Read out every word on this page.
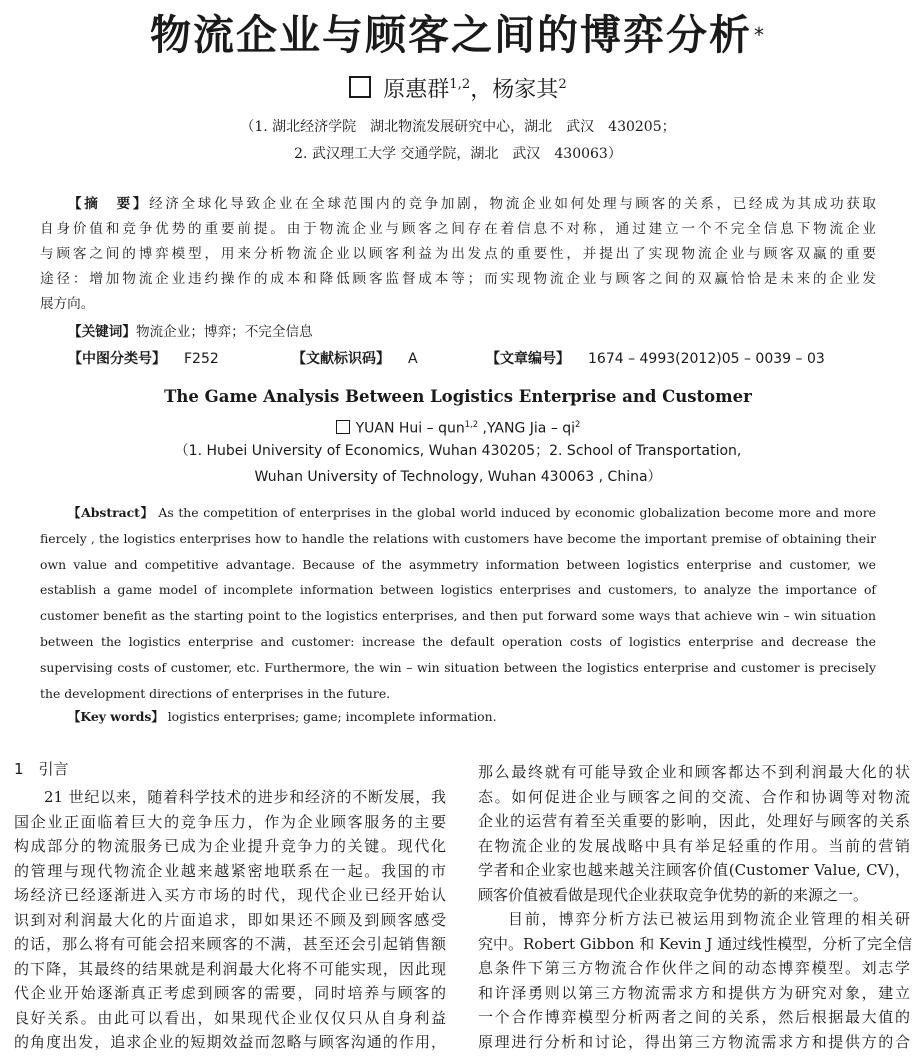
物流企业与顾客之间的博弈分析 *
原惠群$^{1,2}$，杨家其$^2$
（1. 湖北经济学院　湖北物流发展研究中心，湖北　武汉　430205；
2. 武汉理工大学 交通学院，湖北　武汉　430063）
【摘　要】经济全球化导致企业在全球范围内的竞争加剧，物流企业如何处理与顾客的关系，已经成为其成功获取
自身价值和竞争优势的重要前提。由于物流企业与顾客之间存在着信息不对称，通过建立一个不完全信息下物流企业
与顾客之间的博弈模型，用来分析物流企业以顾客利益为出发点的重要性，并提出了实现物流企业与顾客双赢的重要
途径：增加物流企业违约操作的成本和降低顾客监督成本等；而实现物流企业与顾客之间的双赢恰恰是未来的企业发
展方向。
【关键词】物流企业；博弈；不完全信息
【中图分类号】 F252	【文献标识码】 A	【文章编号】 1674 – 4993(2012)05 – 0039 – 03
The Game Analysis Between Logistics Enterprise and Customer
YUAN Hui – qun$^{1,2}$ ,YANG Jia – $qi^2$
（1. Hubei University of Economics, Wuhan 430205；2. School of Transportation,
Wuhan University of Technology, Wuhan 430063 , China）
【Abstract】 As the competition of enterprises in the global world induced by economic globalization become more and more
fiercely , the logistics enterprises how to handle the relations with customers have become the important premise of obtaining their
own value and competitive advantage. Because of the asymmetry information between logistics enterprise and customer, we
establish a game model of incomplete information between logistics enterprises and customers, to analyze the importance of
customer benefit as the starting point to the logistics enterprises, and then put forward some ways that achieve win – win situation
between the logistics enterprise and customer: increase the default operation costs of logistics enterprise and decrease the
supervising costs of customer, etc. Furthermore, the win – win situation between the logistics enterprise and customer is precisely
the development directions of enterprises in the future.
【Key words】 logistics enterprises; game; incomplete information.
1　引言
21 世纪以来，随着科学技术的进步和经济的不断发展，我
国企业正面临着巨大的竞争压力，作为企业顾客服务的主要
构成部分的物流服务已成为企业提升竞争力的关键。现代化
的管理与现代物流企业越来越紧密地联系在一起。我国的市
场经济已经逐渐进入买方市场的时代，现代企业已经开始认
识到对利润最大化的片面追求，即如果还不顾及到顾客感受
的话，那么将有可能会招来顾客的不满，甚至还会引起销售额
的下降，其最终的结果就是利润最大化将不可能实现，因此现
代企业开始逐渐真正考虑到顾客的需要，同时培养与顾客的
良好关系。由此可以看出，如果现代企业仅仅只从自身利益
的角度出发，追求企业的短期效益而忽略与顾客沟通的作用，
那么最终就有可能导致企业和顾客都达不到利润最大化的状
态。如何促进企业与顾客之间的交流、合作和协调等对物流
企业的运营有着至关重要的影响，因此，处理好与顾客的关系
在物流企业的发展战略中具有举足轻重的作用。当前的营销
学者和企业家也越来越关注顾客价值(Customer Value, CV)，
顾客价值被看做是现代企业获取竞争优势的新的来源之一。
目前，博弈分析方法已被运用到物流企业管理的相关研
究中。Robert Gibbon 和 Kevin J 通过线性模型，分析了完全信
息条件下第三方物流合作伙伴之间的动态博弈模型。刘志学
和许泽勇则以第三方物流需求方和提供方为研究对象，建立
一个合作博弈模型分析两者之间的关系，然后根据最大值的
原理进行分析和讨论，得出第三方物流需求方和提供方的合
